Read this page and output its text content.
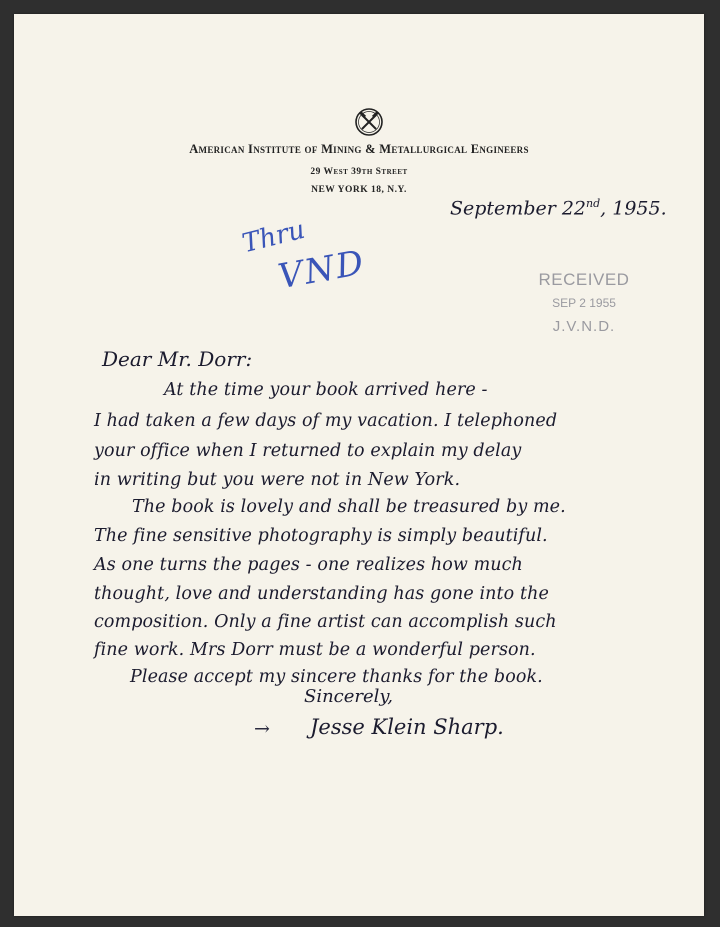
American Institute of Mining & Metallurgical Engineers
29 West 39th Street
NEW YORK 18, N.Y.
September 22nd, 1955.
Thru
VND	RECEIVED
SEP 2 1955
J.V.N.D.
Dear Mr. Dorr:
At the time your book arrived here -
I had taken a few days of my vacation. I telephoned
your office when I returned to explain my delay
in writing but you were not in New York.
The book is lovely and shall be treasured by me.
The fine sensitive photography is simply beautiful.
As one turns the pages - one realizes how much
thought, love and understanding has gone into the
composition. Only a fine artist can accomplish such
fine work. Mrs Dorr must be a wonderful person.
Please accept my sincere thanks for the book.
Sincerely,
→ Jesse Klein Sharp.
